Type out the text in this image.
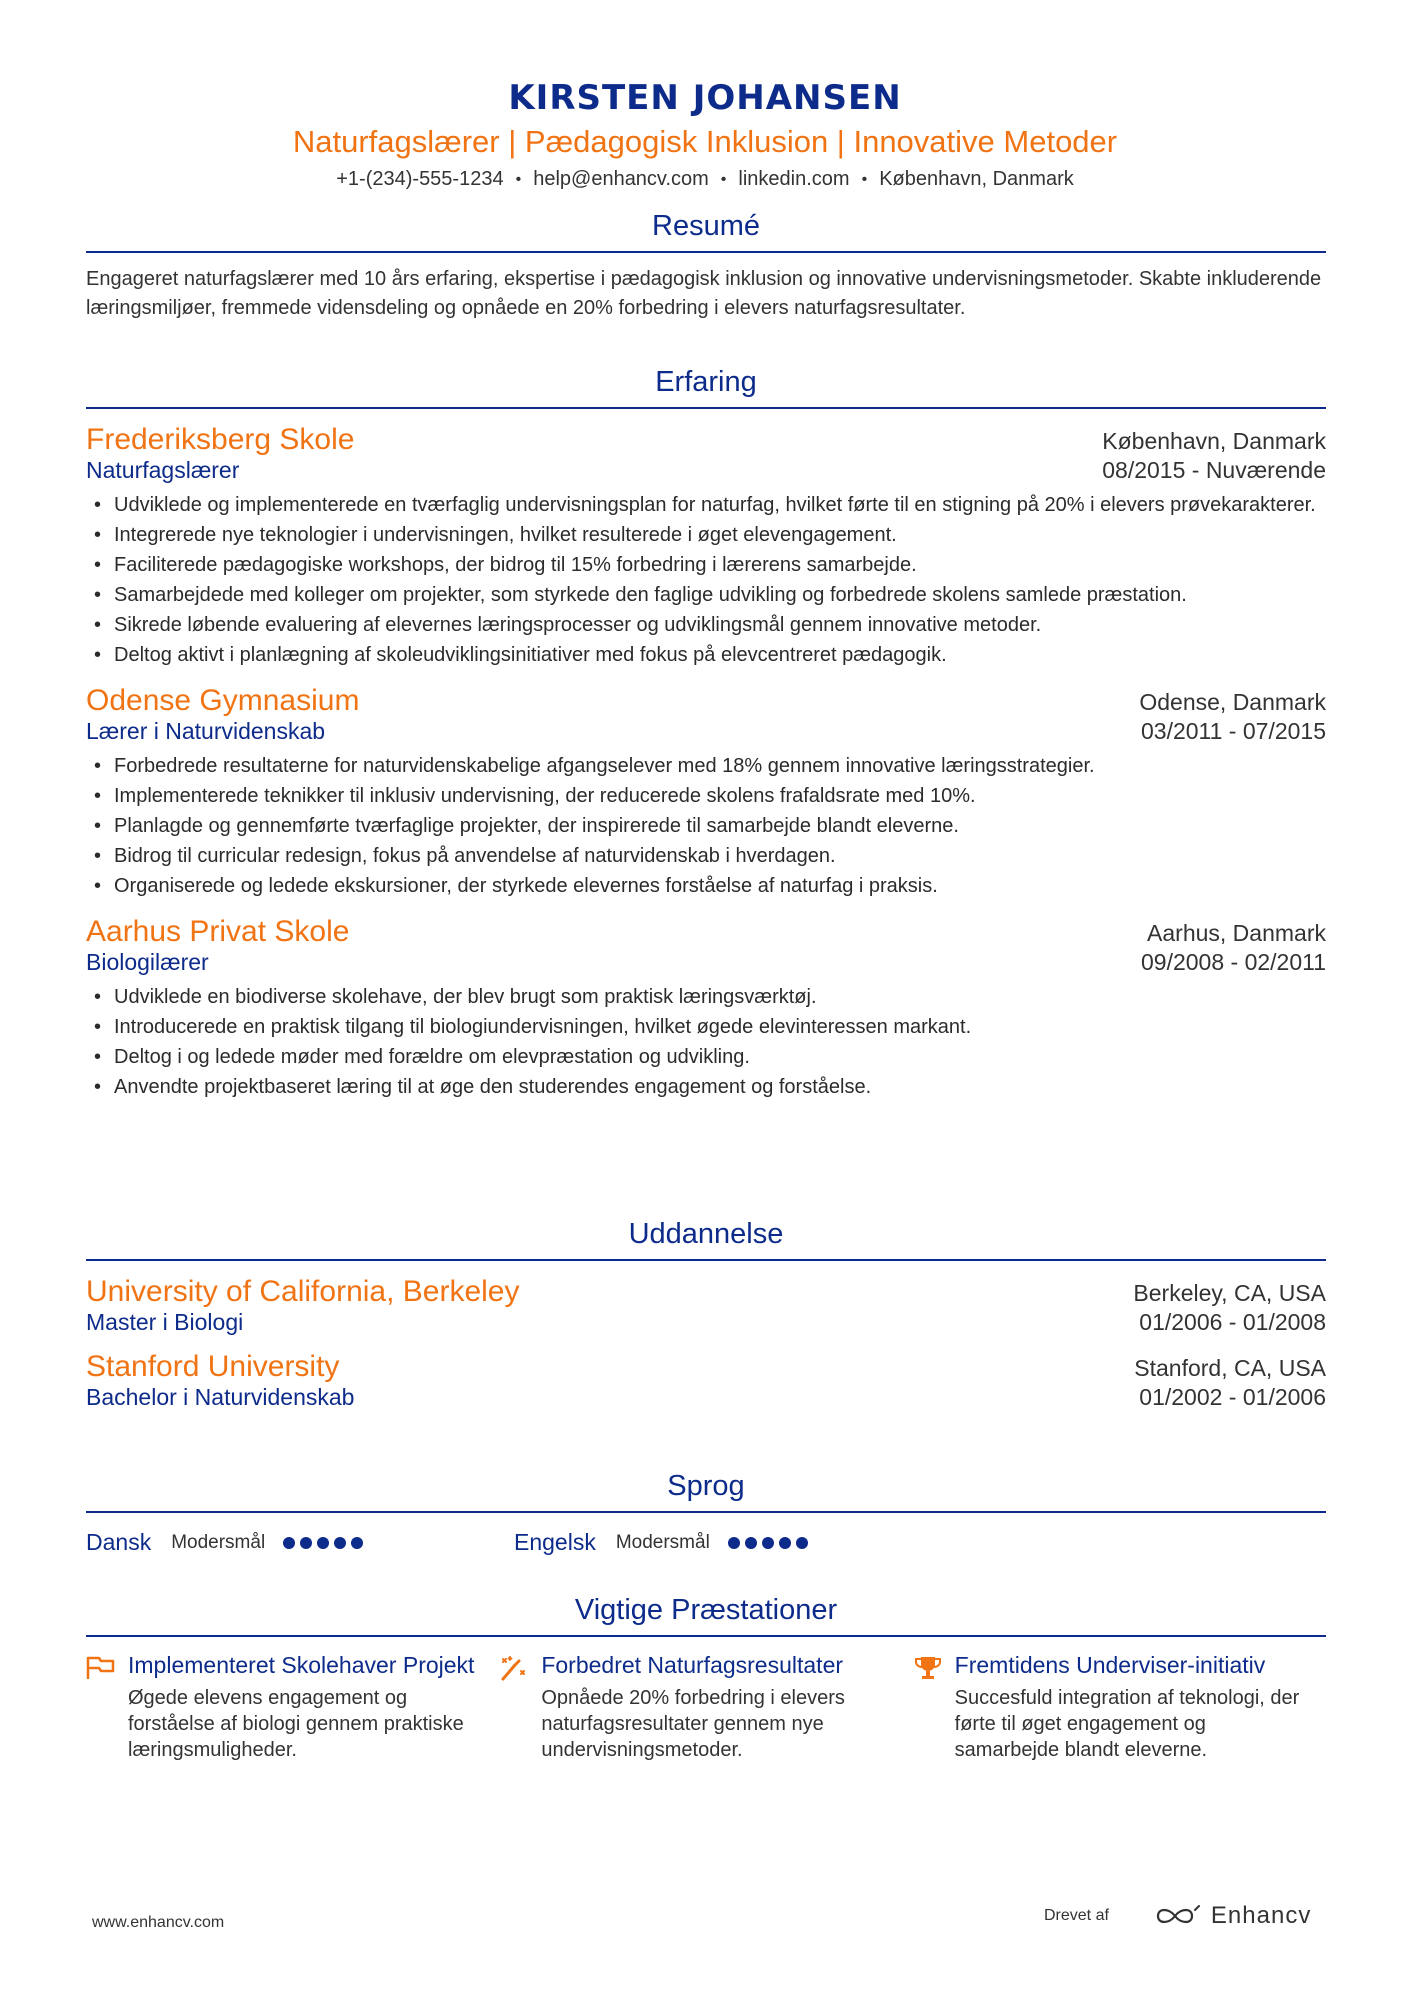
KIRSTEN JOHANSEN
Naturfagslærer | Pædagogisk Inklusion | Innovative Metoder
+1-(234)-555-1234 • help@enhancv.com • linkedin.com • København, Danmark
Resumé
Engageret naturfagslærer med 10 års erfaring, ekspertise i pædagogisk inklusion og innovative undervisningsmetoder. Skabte inkluderende læringsmiljøer, fremmede vidensdeling og opnåede en 20% forbedring i elevers naturfagsresultater.
Erfaring
Frederiksberg Skole	København, Danmark
Naturfagslærer	08/2015 - Nuværende
• Udviklede og implementerede en tværfaglig undervisningsplan for naturfag, hvilket førte til en stigning på 20% i elevers prøvekarakterer.
• Integrerede nye teknologier i undervisningen, hvilket resulterede i øget elevengagement.
• Faciliterede pædagogiske workshops, der bidrog til 15% forbedring i lærerens samarbejde.
• Samarbejdede med kolleger om projekter, som styrkede den faglige udvikling og forbedrede skolens samlede præstation.
• Sikrede løbende evaluering af elevernes læringsprocesser og udviklingsmål gennem innovative metoder.
• Deltog aktivt i planlægning af skoleudviklingsinitiativer med fokus på elevcentreret pædagogik.
Odense Gymnasium	Odense, Danmark
Lærer i Naturvidenskab	03/2011 - 07/2015
• Forbedrede resultaterne for naturvidenskabelige afgangselever med 18% gennem innovative læringsstrategier.
• Implementerede teknikker til inklusiv undervisning, der reducerede skolens frafaldsrate med 10%.
• Planlagde og gennemførte tværfaglige projekter, der inspirerede til samarbejde blandt eleverne.
• Bidrog til curricular redesign, fokus på anvendelse af naturvidenskab i hverdagen.
• Organiserede og ledede ekskursioner, der styrkede elevernes forståelse af naturfag i praksis.
Aarhus Privat Skole	Aarhus, Danmark
Biologilærer	09/2008 - 02/2011
• Udviklede en biodiverse skolehave, der blev brugt som praktisk læringsværktøj.
• Introducerede en praktisk tilgang til biologiundervisningen, hvilket øgede elevinteressen markant.
• Deltog i og ledede møder med forældre om elevpræstation og udvikling.
• Anvendte projektbaseret læring til at øge den studerendes engagement og forståelse.
Uddannelse
University of California, Berkeley	Berkeley, CA, USA
Master i Biologi	01/2006 - 01/2008
Stanford University	Stanford, CA, USA
Bachelor i Naturvidenskab	01/2002 - 01/2006
Sprog
Dansk Modersmål	Engelsk Modersmål
Vigtige Præstationer
Implementeret Skolehaver Projekt
Øgede elevens engagement og forståelse af biologi gennem praktiske læringsmuligheder.
Forbedret Naturfagsresultater
Opnåede 20% forbedring i elevers naturfagsresultater gennem nye undervisningsmetoder.
Fremtidens Underviser-initiativ
Succesfuld integration af teknologi, der førte til øget engagement og samarbejde blandt eleverne.
www.enhancv.com	Drevet af	Enhancv
